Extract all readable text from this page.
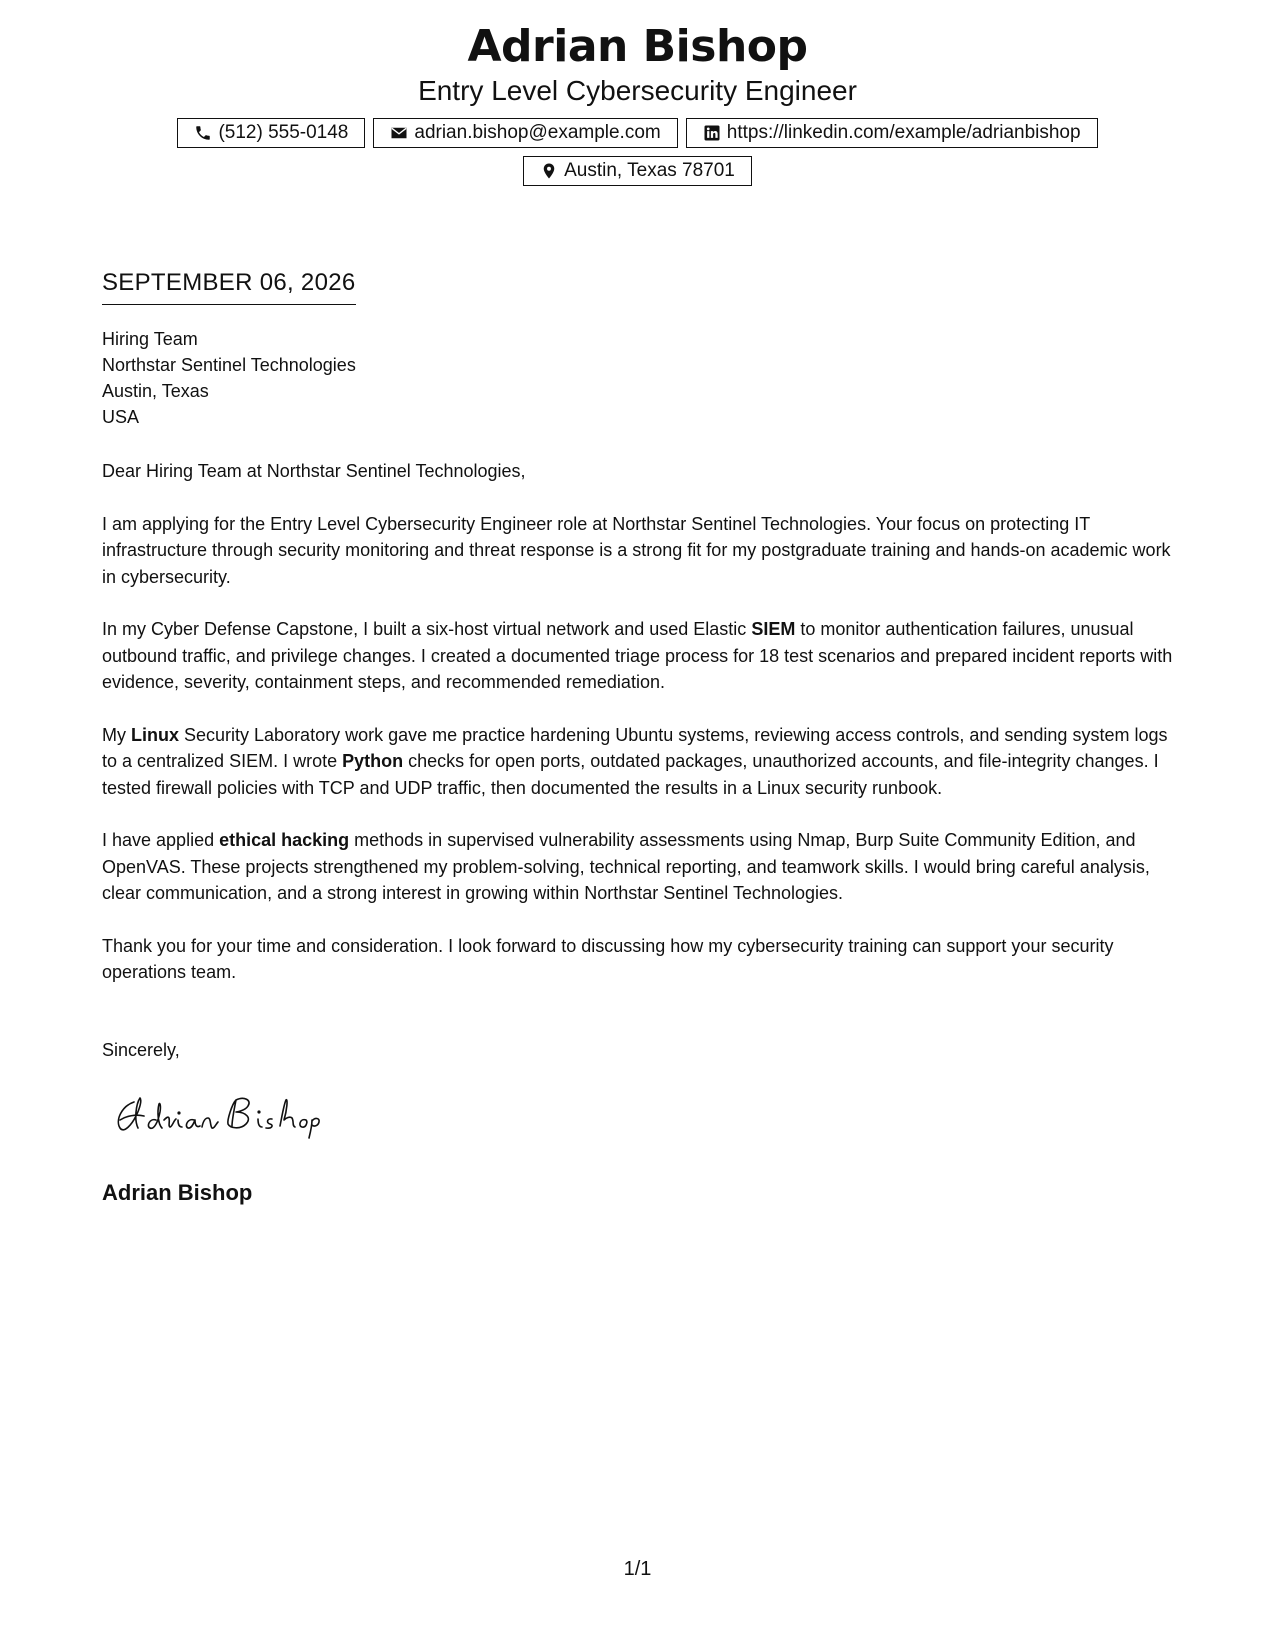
Adrian Bishop
Entry Level Cybersecurity Engineer
(512) 555-0148	adrian.bishop@example.com	https://linkedin.com/example/adrianbishop
Austin, Texas 78701
SEPTEMBER 06, 2026
Hiring Team
Northstar Sentinel Technologies
Austin, Texas
USA

Dear Hiring Team at Northstar Sentinel Technologies,

I am applying for the Entry Level Cybersecurity Engineer role at Northstar Sentinel Technologies. Your focus on protecting IT infrastructure through security monitoring and threat response is a strong fit for my postgraduate training and hands-on academic work in cybersecurity.

In my Cyber Defense Capstone, I built a six-host virtual network and used Elastic SIEM to monitor authentication failures, unusual outbound traffic, and privilege changes. I created a documented triage process for 18 test scenarios and prepared incident reports with evidence, severity, containment steps, and recommended remediation.

My Linux Security Laboratory work gave me practice hardening Ubuntu systems, reviewing access controls, and sending system logs to a centralized SIEM. I wrote Python checks for open ports, outdated packages, unauthorized accounts, and file-integrity changes. I tested firewall policies with TCP and UDP traffic, then documented the results in a Linux security runbook.

I have applied ethical hacking methods in supervised vulnerability assessments using Nmap, Burp Suite Community Edition, and OpenVAS. These projects strengthened my problem-solving, technical reporting, and teamwork skills. I would bring careful analysis, clear communication, and a strong interest in growing within Northstar Sentinel Technologies.

Thank you for your time and consideration. I look forward to discussing how my cybersecurity training can support your security operations team.

Sincerely,
Adrian Bishop
1/1
